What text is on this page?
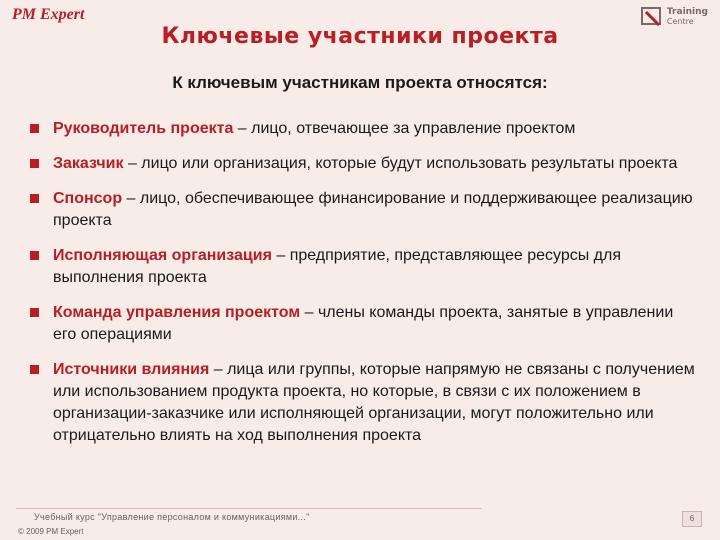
PM Expert	Training
Centre
Ключевые участники проекта
К ключевым участникам проекта относятся:
Руководитель проекта – лицо, отвечающее за управление проектом
Заказчик – лицо или организация, которые будут использовать результаты проекта
Спонсор – лицо, обеспечивающее финансирование и поддерживающее реализацию проекта
Исполняющая организация – предприятие, представляющее ресурсы для выполнения проекта
Команда управления проектом – члены команды проекта, занятые в управлении его операциями
Источники влияния – лица или группы, которые напрямую не связаны с получением или использованием продукта проекта, но которые, в связи с их положением в организации-заказчике или исполняющей организации, могут положительно или отрицательно влиять на ход выполнения проекта
Учебный курс "Управление персоналом и коммуникациями..."
© 2009 PM Expert
6
